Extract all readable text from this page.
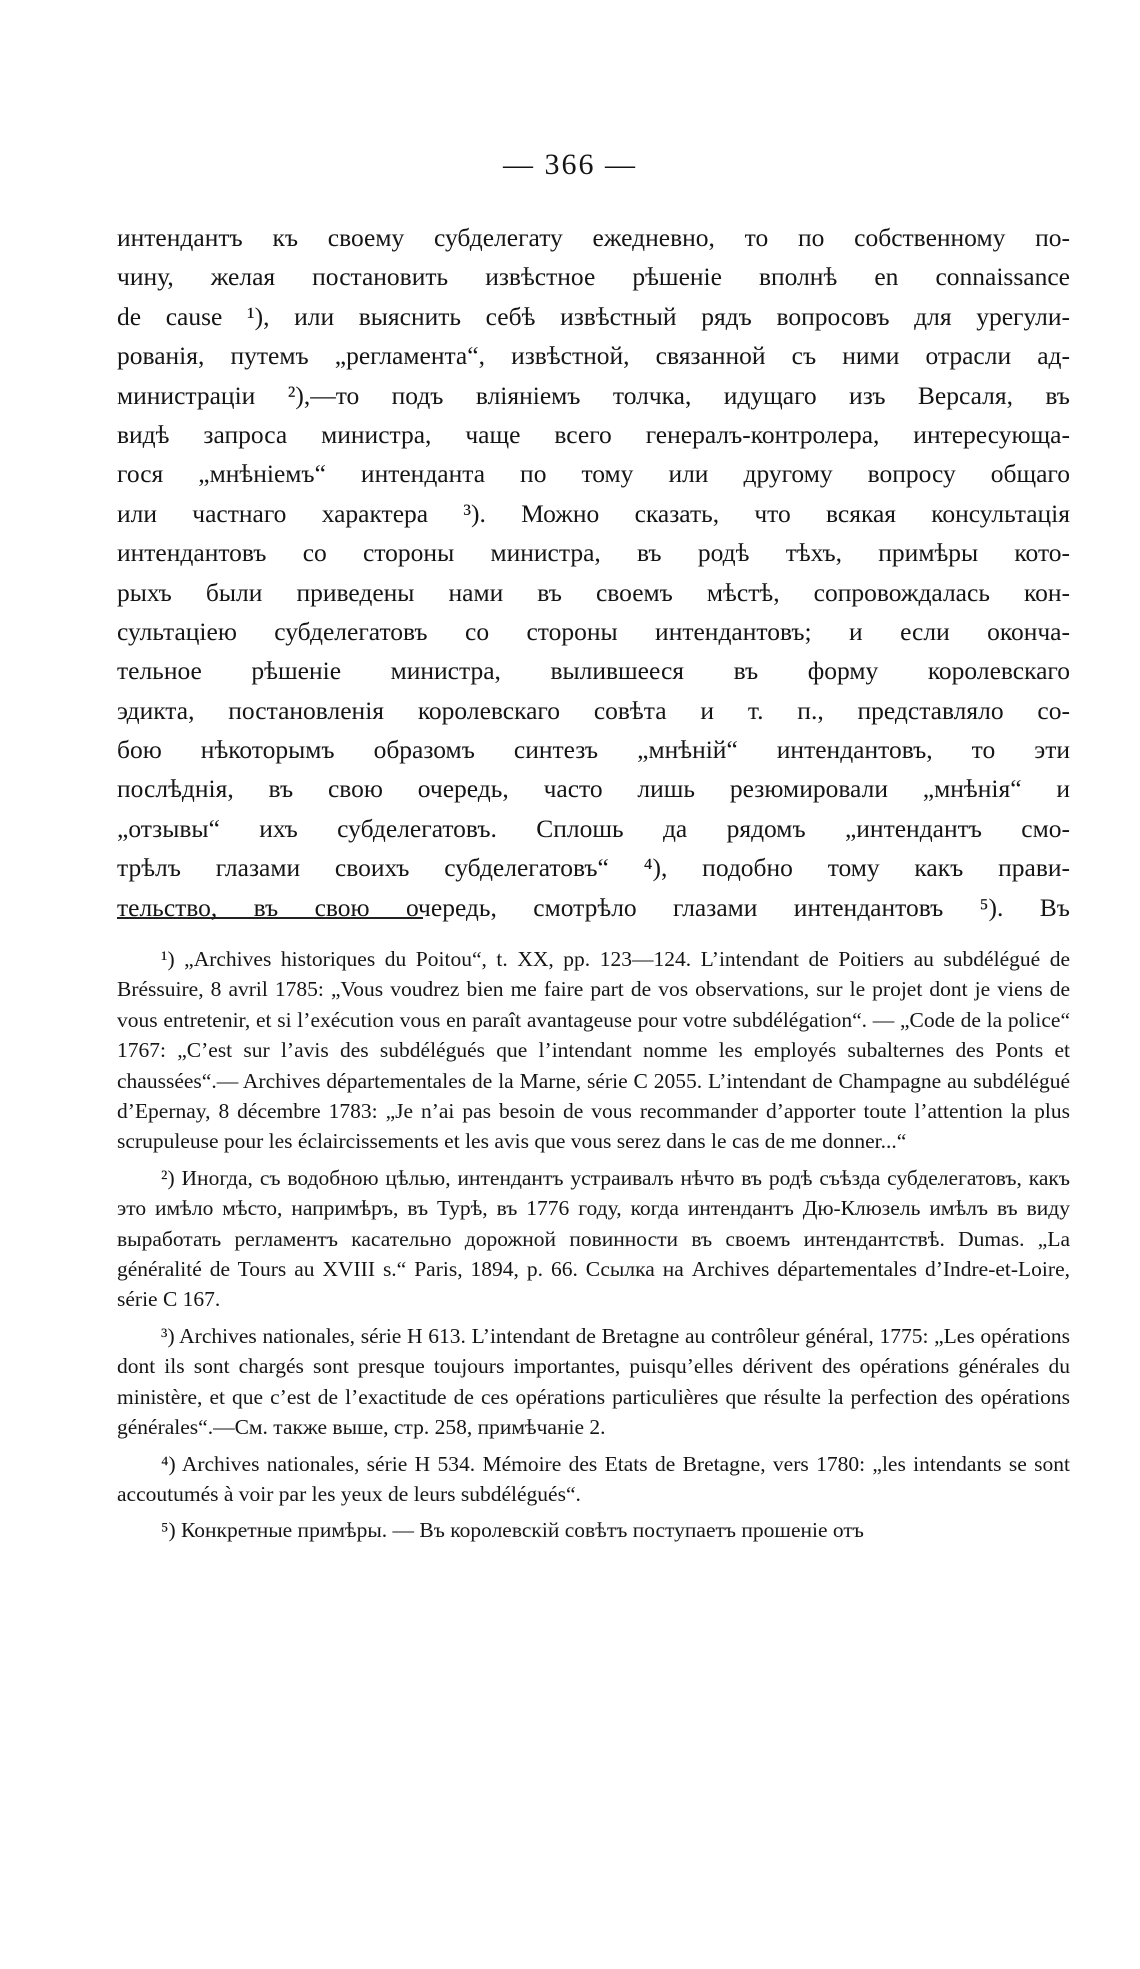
— 366 —
интендантъ къ своему субделегату ежедневно, то по собственному по-
чину, желая постановить извѣстное рѣшеніе вполнѣ en connaissance
de cause ¹), или выяснить себѣ извѣстный рядъ вопросовъ для урегули-
рованія, путемъ „регламента“, извѣстной, связанной съ ними отрасли ад-
министраціи ²),—то подъ вліяніемъ толчка, идущаго изъ Версаля, въ
видѣ запроса министра, чаще всего генералъ-контролера, интересующа-
гося „мнѣніемъ“ интенданта по тому или другому вопросу общаго
или частнаго характера ³). Можно сказать, что всякая консультація
интендантовъ со стороны министра, въ родѣ тѣхъ, примѣры кото-
рыхъ были приведены нами въ своемъ мѣстѣ, сопровождалась кон-
сультаціею субделегатовъ со стороны интендантовъ; и если оконча-
тельное рѣшеніе министра, вылившееся въ форму королевскаго
эдикта, постановленія королевскаго совѣта и т. п., представляло со-
бою нѣкоторымъ образомъ синтезъ „мнѣній“ интендантовъ, то эти
послѣднія, въ свою очередь, часто лишь резюмировали „мнѣнія“ и
„отзывы“ ихъ субделегатовъ. Сплошь да рядомъ „интендантъ смо-
трѣлъ глазами своихъ субделегатовъ“ ⁴), подобно тому какъ прави-
тельство, въ свою очередь, смотрѣло глазами интендантовъ ⁵). Въ
¹) „Archives historiques du Poitou“, t. XX, pp. 123—124. L’intendant de Poitiers au subdélégué de Bréssuire, 8 avril 1785: „Vous voudrez bien me faire part de vos observations, sur le projet dont je viens de vous entretenir, et si l’exécution vous en paraît avantageuse pour votre subdélégation“. — „Code de la police“ 1767: „C’est sur l’avis des subdélégués que l’intendant nomme les employés subalternes des Ponts et chaussées“.— Archives départementales de la Marne, série C 2055. L’intendant de Champagne au subdélégué d’Epernay, 8 décembre 1783: „Je n’ai pas besoin de vous recommander d’apporter toute l’attention la plus scrupuleuse pour les éclaircissements et les avis que vous serez dans le cas de me donner...“
²) Иногда, съ водобною цѣлью, интендантъ устраивалъ нѣчто въ родѣ съѣзда субделегатовъ, какъ это имѣло мѣсто, напримѣръ, въ Турѣ, въ 1776 году, когда интендантъ Дю-Клюзель имѣлъ въ виду выработать регламентъ касательно дорожной повинности въ своемъ интендантствѣ. Dumas. „La généralité de Tours au XVIII s.“ Paris, 1894, p. 66. Ссылка на Archives départementales d’Indre-et-Loire, série C 167.
³) Archives nationales, série H 613. L’intendant de Bretagne au contrôleur général, 1775: „Les opérations dont ils sont chargés sont presque toujours importantes, puisqu’elles dérivent des opérations générales du ministère, et que c’est de l’exactitude de ces opérations particulières que résulte la perfection des opérations générales“.—См. также выше, стр. 258, примѣчаніе 2.
⁴) Archives nationales, série H 534. Mémoire des Etats de Bretagne, vers 1780: „les intendants se sont accoutumés à voir par les yeux de leurs subdélégués“.
⁵) Конкретные примѣры. — Въ королевскій совѣтъ поступаетъ прошеніе отъ
